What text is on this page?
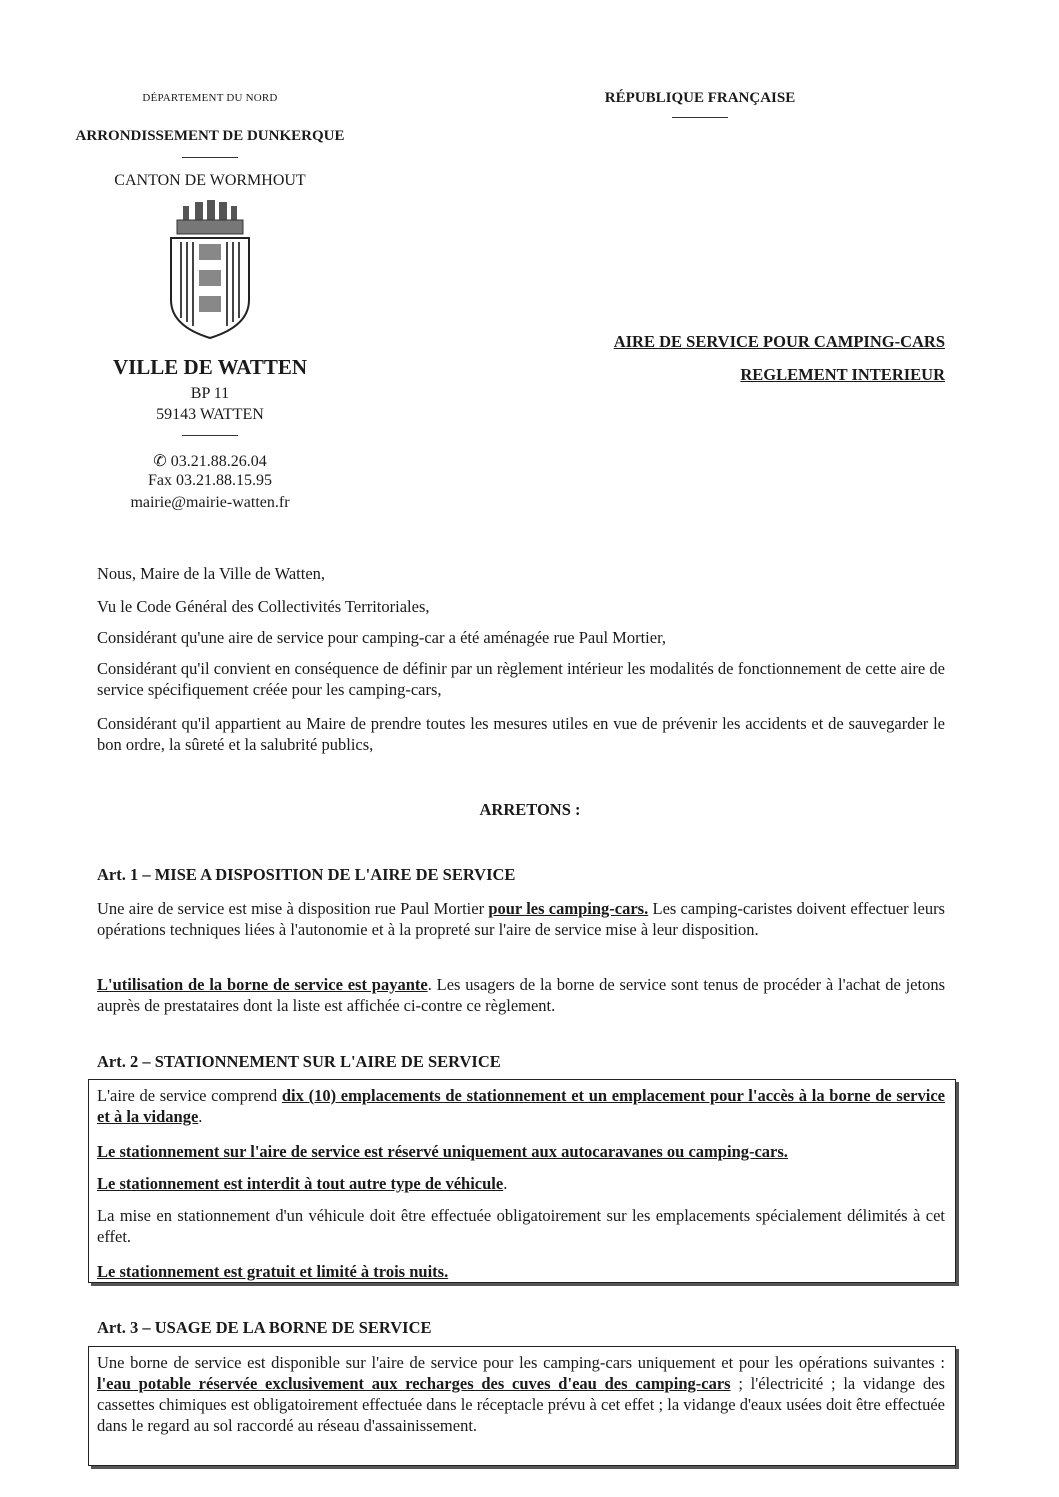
DÉPARTEMENT DU NORD
ARRONDISSEMENT DE DUNKERQUE
CANTON DE WORMHOUT
VILLE DE WATTEN
BP 11
59143 WATTEN
✆ 03.21.88.26.04
Fax 03.21.88.15.95
mairie@mairie-watten.fr
RÉPUBLIQUE FRANÇAISE
AIRE DE SERVICE POUR CAMPING-CARS
REGLEMENT INTERIEUR
Nous, Maire de la Ville de Watten,
Vu le Code Général des Collectivités Territoriales,
Considérant qu'une aire de service pour camping-car a été aménagée rue Paul Mortier,
Considérant qu'il convient en conséquence de définir par un règlement intérieur les modalités de fonctionnement de cette aire de service spécifiquement créée pour les camping-cars,
Considérant qu'il appartient au Maire de prendre toutes les mesures utiles en vue de prévenir les accidents et de sauvegarder le bon ordre, la sûreté et la salubrité publics,
ARRETONS :
Art. 1 – MISE A DISPOSITION DE L'AIRE DE SERVICE
Une aire de service est mise à disposition rue Paul Mortier pour les camping-cars. Les camping-caristes doivent effectuer leurs opérations techniques liées à l'autonomie et à la propreté sur l'aire de service mise à leur disposition.
L'utilisation de la borne de service est payante. Les usagers de la borne de service sont tenus de procéder à l'achat de jetons auprès de prestataires dont la liste est affichée ci-contre ce règlement.
Art. 2 – STATIONNEMENT SUR L'AIRE DE SERVICE
L'aire de service comprend dix (10) emplacements de stationnement et un emplacement pour l'accès à la borne de service et à la vidange.
Le stationnement sur l'aire de service est réservé uniquement aux autocaravanes ou camping-cars.
Le stationnement est interdit à tout autre type de véhicule.
La mise en stationnement d'un véhicule doit être effectuée obligatoirement sur les emplacements spécialement délimités à cet effet.
Le stationnement est gratuit et limité à trois nuits.
Art. 3 – USAGE DE LA BORNE DE SERVICE
Une borne de service est disponible sur l'aire de service pour les camping-cars uniquement et pour les opérations suivantes : l'eau potable réservée exclusivement aux recharges des cuves d'eau des camping-cars ; l'électricité ; la vidange des cassettes chimiques est obligatoirement effectuée dans le réceptacle prévu à cet effet ; la vidange d'eaux usées doit être effectuée dans le regard au sol raccordé au réseau d'assainissement.
